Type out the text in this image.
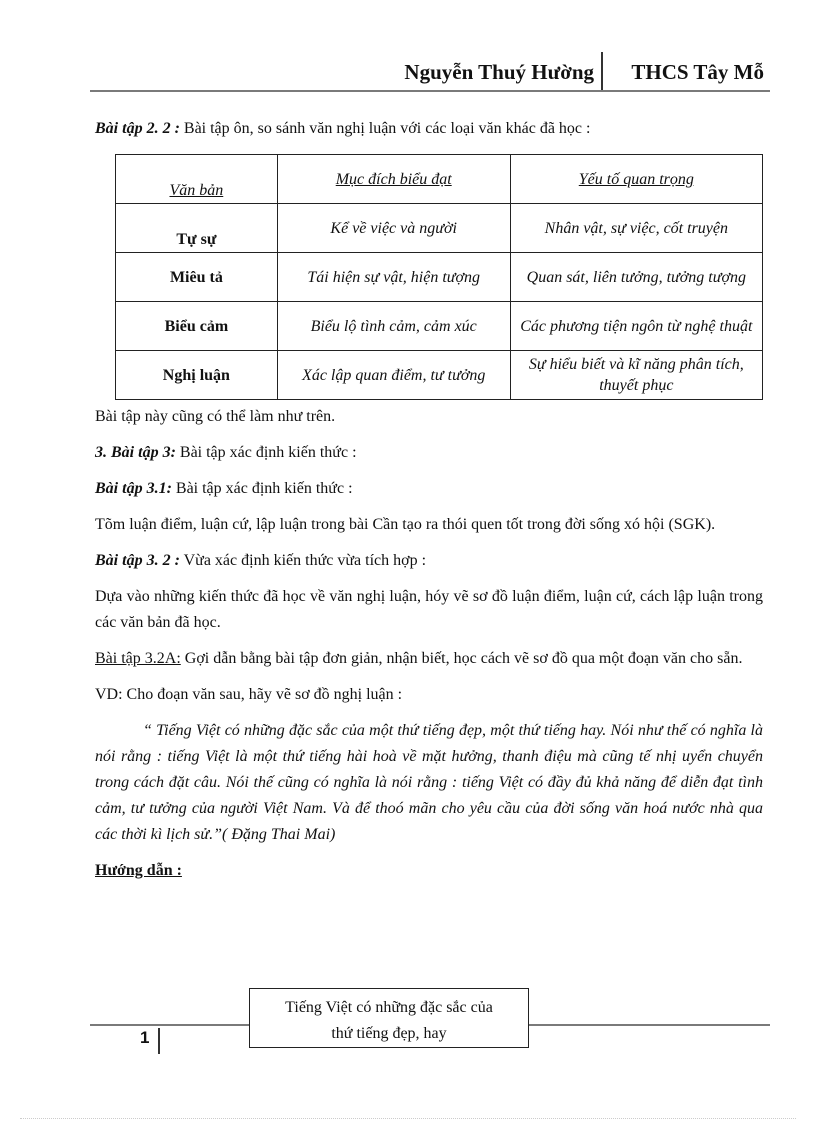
Nguyễn Thuý Hường THCS Tây Mỗ

Bài tập 2. 2 : Bài tập ôn, so sánh văn nghị luận với các loại văn khác đã học :

Văn bản	Mục đích biểu đạt	Yếu tố quan trọng
Tự sự	Kể về việc và người	Nhân vật, sự việc, cốt truyện
Miêu tả	Tái hiện sự vật, hiện tượng	Quan sát, liên tưởng, tưởng tượng
Biểu cảm	Biểu lộ tình cảm, cảm xúc	Các phương tiện ngôn từ nghệ thuật
Nghị luận	Xác lập quan điểm, tư tưởng	Sự hiểu biết và kĩ năng phân tích, thuyết phục

Bài tập này cũng có thể làm như trên.

3. Bài tập 3: Bài tập xác định kiến thức :

Bài tập 3.1: Bài tập xác định kiến thức :

Tõm luận điểm, luận cứ, lập luận trong bài Cần tạo ra thói quen tốt trong đời sống xó hội (SGK).

Bài tập 3. 2 : Vừa xác định kiến thức vừa tích hợp :

Dựa vào những kiến thức đã học về văn nghị luận, hóy vẽ sơ đồ luận điểm, luận cứ, cách lập luận trong các văn bản đã học.

Bài tập 3.2A: Gợi dẫn bằng bài tập đơn giản, nhận biết, học cách vẽ sơ đồ qua một đoạn văn cho sẵn.

VD: Cho đoạn văn sau, hãy vẽ sơ đồ nghị luận :

“ Tiếng Việt có những đặc sắc của một thứ tiếng đẹp, một thứ tiếng hay. Nói như thế có nghĩa là nói rằng : tiếng Việt là một thứ tiếng hài hoà về mặt hưởng, thanh điệu mà cũng tế nhị uyển chuyển trong cách đặt câu. Nói thế cũng có nghĩa là nói rằng : tiếng Việt có đầy đủ khả năng để diễn đạt tình cảm, tư tưởng của người Việt Nam. Và để thoó mãn cho yêu cầu của đời sống văn hoá nước nhà qua các thời kì lịch sử.”( Đặng Thai Mai)

Hướng dẫn :

Tiếng Việt có những đặc sắc của
thứ tiếng đẹp, hay
1
